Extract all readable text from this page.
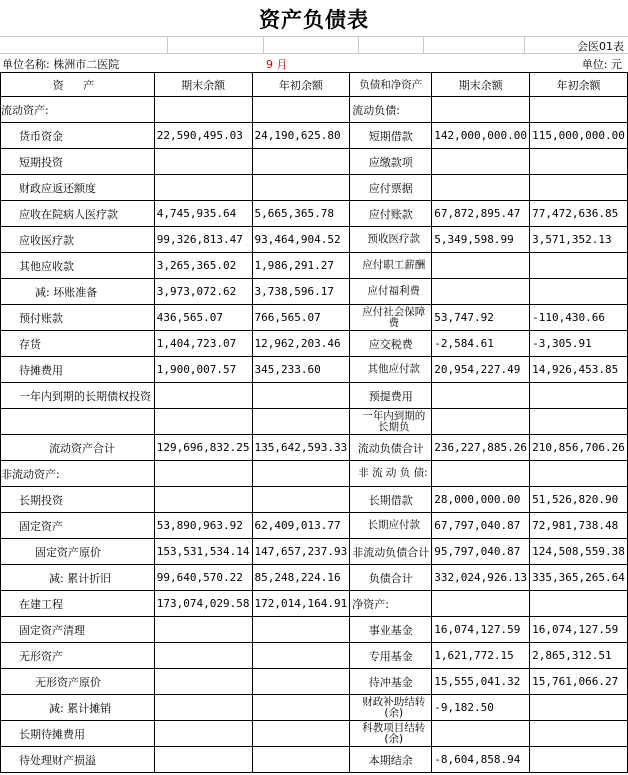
资产负债表
会医01表
单位名称: 株洲市二医院	9 月	单位: 元
资 产	期末余额	年初余额	负债和净资产	期末余额	年初余额
流动资产:			流动负债:		
货币资金	22,590,495.03	24,190,625.80	短期借款	142,000,000.00	115,000,000.00
短期投资			应缴款项		
财政应返还额度			应付票据		
应收在院病人医疗款	4,745,935.64	5,665,365.78	应付账款	67,872,895.47	77,472,636.85
应收医疗款	99,326,813.47	93,464,904.52	预收医疗款	5,349,598.99	3,571,352.13
其他应收款	3,265,365.02	1,986,291.27	应付职工薪酬		
减: 坏账准备	3,973,072.62	3,738,596.17	应付福利费		
预付账款	436,565.07	766,565.07	应付社会保障费	53,747.92	-110,430.66
存货	1,404,723.07	12,962,203.46	应交税费	-2,584.61	-3,305.91
待摊费用	1,900,007.57	345,233.60	其他应付款	20,954,227.49	14,926,453.85
一年内到期的长期债权投资			预提费用		
			一年内到期的长期负		
流动资产合计	129,696,832.25	135,642,593.33	流动负债合计	236,227,885.26	210,856,706.26
非流动资产:			非 流 动 负 债:		
长期投资			长期借款	28,000,000.00	51,526,820.90
固定资产	53,890,963.92	62,409,013.77	长期应付款	67,797,040.87	72,981,738.48
固定资产原价	153,531,534.14	147,657,237.93	非流动负债合计	95,797,040.87	124,508,559.38
减: 累计折旧	99,640,570.22	85,248,224.16	负债合计	332,024,926.13	335,365,265.64
在建工程	173,074,029.58	172,014,164.91	净资产:		
固定资产清理			事业基金	16,074,127.59	16,074,127.59
无形资产			专用基金	1,621,772.15	2,865,312.51
无形资产原价			待冲基金	15,555,041.32	15,761,066.27
减: 累计摊销			财政补助结转(余)	-9,182.50	
长期待摊费用			科教项目结转(余)		
待处理财产损溢			本期结余	-8,604,858.94	
